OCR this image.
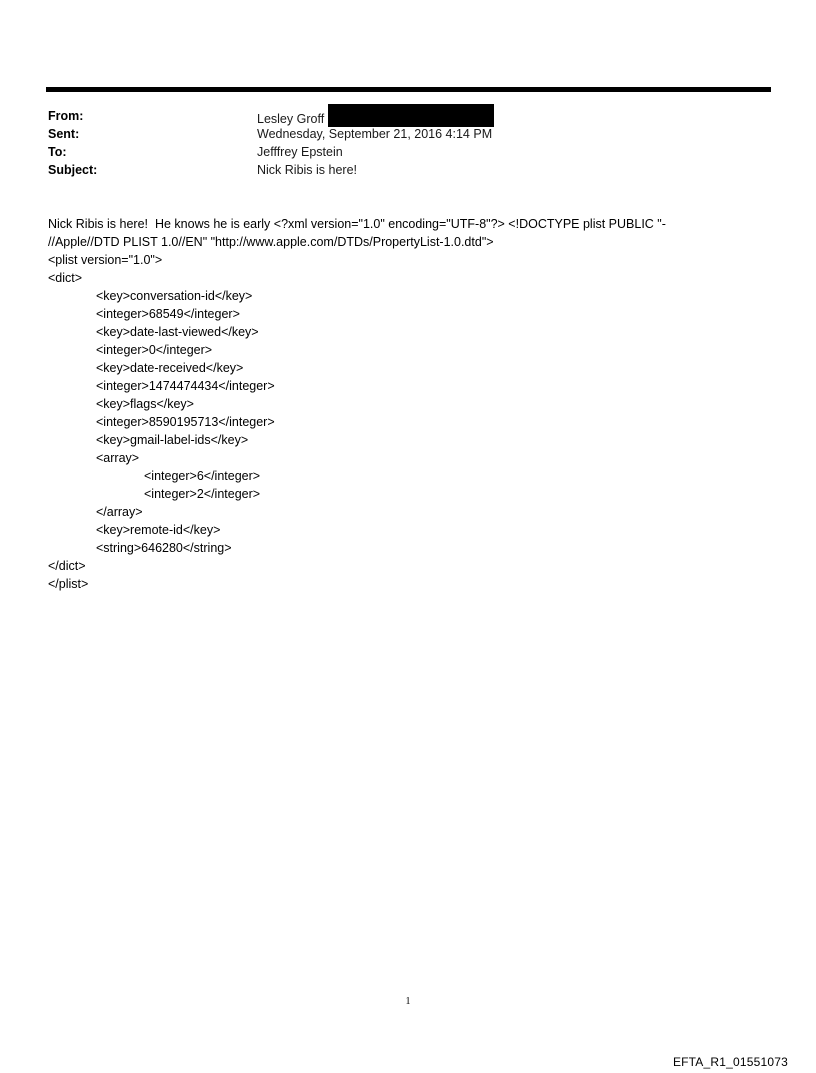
From:	Lesley Groff
Sent:	Wednesday, September 21, 2016 4:14 PM
To:	Jefffrey Epstein
Subject:	Nick Ribis is here!
Nick Ribis is here!  He knows he is early <?xml version="1.0" encoding="UTF-8"?> <!DOCTYPE plist PUBLIC "-
//Apple//DTD PLIST 1.0//EN" "http://www.apple.com/DTDs/PropertyList-1.0.dtd">
<plist version="1.0">
<dict>
<key>conversation-id</key>
<integer>68549</integer>
<key>date-last-viewed</key>
<integer>0</integer>
<key>date-received</key>
<integer>1474474434</integer>
<key>flags</key>
<integer>8590195713</integer>
<key>gmail-label-ids</key>
<array>
<integer>6</integer>
<integer>2</integer>
</array>
<key>remote-id</key>
<string>646280</string>
</dict>
</plist>
1
EFTA_R1_01551073
